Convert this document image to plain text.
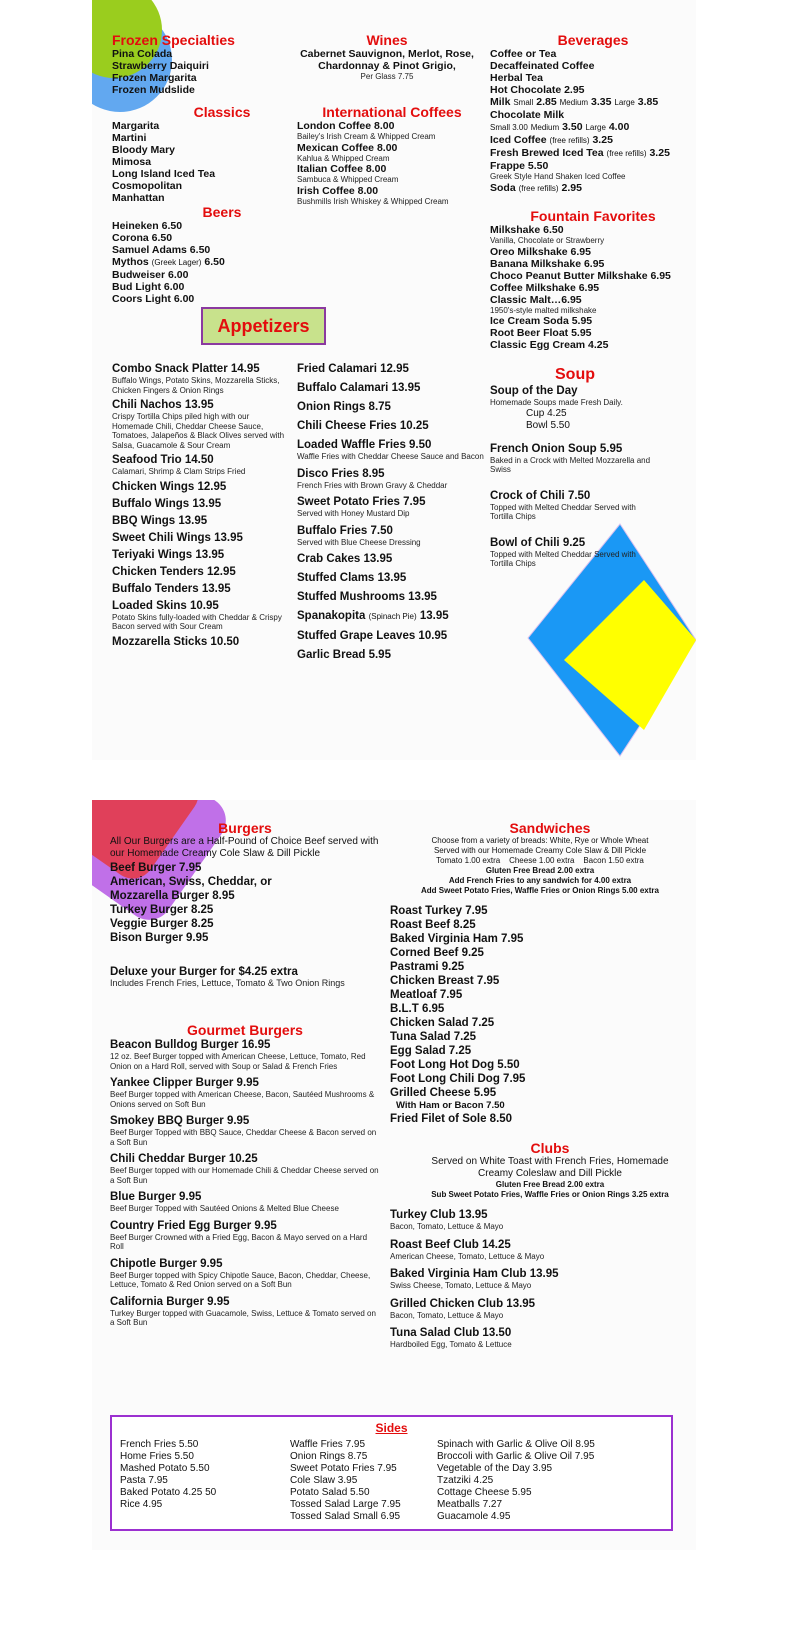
Frozen Specialties
Pina Colada
Strawberry Daiquiri
Frozen Margarita
Frozen Mudslide
Classics
Margarita
Martini
Bloody Mary
Mimosa
Long Island Iced Tea
Cosmopolitan
Manhattan
Beers
Heineken 6.50
Corona 6.50
Samuel Adams 6.50
Mythos (Greek Lager) 6.50
Budweiser 6.00
Bud Light 6.00
Coors Light 6.00
Wines
Cabernet Sauvignon, Merlot, Rose,
Chardonnay & Pinot Grigio,
Per Glass 7.75
International Coffees
London Coffee 8.00
Bailey's Irish Cream & Whipped Cream
Mexican Coffee 8.00
Kahlua & Whipped Cream
Italian Coffee 8.00
Sambuca & Whipped Cream
Irish Coffee 8.00
Bushmills Irish Whiskey & Whipped Cream
Beverages
Coffee or Tea
Decaffeinated Coffee
Herbal Tea
Hot Chocolate 2.95
Milk Small 2.85 Medium 3.35 Large 3.85
Chocolate Milk
Small 3.00 Medium 3.50 Large 4.00
Iced Coffee (free refills) 3.25
Fresh Brewed Iced Tea (free refills) 3.25
Frappe 5.50
Greek Style Hand Shaken Iced Coffee
Soda (free refills) 2.95
Fountain Favorites
Milkshake 6.50
Vanilla, Chocolate or Strawberry
Oreo Milkshake 6.95
Banana Milkshake 6.95
Choco Peanut Butter Milkshake 6.95
Coffee Milkshake 6.95
Classic Malt…6.95
1950's-style malted milkshake
Ice Cream Soda 5.95
Root Beer Float 5.95
Classic Egg Cream 4.25
Appetizers
Combo Snack Platter 14.95
Buffalo Wings, Potato Skins, Mozzarella Sticks, Chicken Fingers & Onion Rings
Chili Nachos 13.95
Crispy Tortilla Chips piled high with our Homemade Chili, Cheddar Cheese Sauce, Tomatoes, Jalapeños & Black Olives served with Salsa, Guacamole & Sour Cream
Seafood Trio 14.50
Calamari, Shrimp & Clam Strips Fried
Chicken Wings 12.95
Buffalo Wings 13.95
BBQ Wings 13.95
Sweet Chili Wings 13.95
Teriyaki Wings 13.95
Chicken Tenders 12.95
Buffalo Tenders 13.95
Loaded Skins 10.95
Potato Skins fully-loaded with Cheddar & Crispy Bacon served with Sour Cream
Mozzarella Sticks 10.50
Fried Calamari 12.95
Buffalo Calamari 13.95
Onion Rings 8.75
Chili Cheese Fries 10.25
Loaded Waffle Fries 9.50
Waffle Fries with Cheddar Cheese Sauce and Bacon
Disco Fries 8.95
French Fries with Brown Gravy & Cheddar
Sweet Potato Fries 7.95
Served with Honey Mustard Dip
Buffalo Fries 7.50
Served with Blue Cheese Dressing
Crab Cakes 13.95
Stuffed Clams 13.95
Stuffed Mushrooms 13.95
Spanakopita (Spinach Pie) 13.95
Stuffed Grape Leaves 10.95
Garlic Bread 5.95
Soup
Soup of the Day
Homemade Soups made Fresh Daily.
Cup 4.25
Bowl 5.50
French Onion Soup 5.95
Baked in a Crock with Melted Mozzarella and Swiss
Crock of Chili 7.50
Topped with Melted Cheddar Served with Tortilla Chips
Bowl of Chili 9.25
Topped with Melted Cheddar Served with Tortilla Chips
Burgers
All Our Burgers are a Half-Pound of Choice Beef served with our Homemade Creamy Cole Slaw & Dill Pickle
Beef Burger 7.95
American, Swiss, Cheddar, or
Mozzarella Burger 8.95
Turkey Burger 8.25
Veggie Burger 8.25
Bison Burger 9.95
Deluxe your Burger for $4.25 extra
Includes French Fries, Lettuce, Tomato & Two Onion Rings
Gourmet Burgers
Beacon Bulldog Burger 16.95
12 oz. Beef Burger topped with American Cheese, Lettuce, Tomato, Red Onion on a Hard Roll, served with Soup or Salad & French Fries
Yankee Clipper Burger 9.95
Beef Burger topped with American Cheese, Bacon, Sautéed Mushrooms & Onions served on Soft Bun
Smokey BBQ Burger 9.95
Beef Burger Topped with BBQ Sauce, Cheddar Cheese & Bacon served on a Soft Bun
Chili Cheddar Burger 10.25
Beef Burger topped with our Homemade Chili & Cheddar Cheese served on a Soft Bun
Blue Burger 9.95
Beef Burger Topped with Sautéed Onions & Melted Blue Cheese
Country Fried Egg Burger 9.95
Beef Burger Crowned with a Fried Egg, Bacon & Mayo served on a Hard Roll
Chipotle Burger 9.95
Beef Burger topped with Spicy Chipotle Sauce, Bacon, Cheddar, Cheese, Lettuce, Tomato & Red Onion served on a Soft Bun
California Burger 9.95
Turkey Burger topped with Guacamole, Swiss, Lettuce & Tomato served on a Soft Bun
Sandwiches
Choose from a variety of breads: White, Rye or Whole Wheat
Served with our Homemade Creamy Cole Slaw & Dill Pickle
Tomato 1.00 extra    Cheese 1.00 extra    Bacon 1.50 extra
Gluten Free Bread 2.00 extra
Add French Fries to any sandwich for 4.00 extra
Add Sweet Potato Fries, Waffle Fries or Onion Rings 5.00 extra
Roast Turkey 7.95
Roast Beef 8.25
Baked Virginia Ham 7.95
Corned Beef 9.25
Pastrami 9.25
Chicken Breast 7.95
Meatloaf 7.95
B.L.T 6.95
Chicken Salad 7.25
Tuna Salad 7.25
Egg Salad 7.25
Foot Long Hot Dog 5.50
Foot Long Chili Dog 7.95
Grilled Cheese 5.95
With Ham or Bacon 7.50
Fried Filet of Sole 8.50
Clubs
Served on White Toast with French Fries, Homemade
Creamy Coleslaw and Dill Pickle
Gluten Free Bread 2.00 extra
Sub Sweet Potato Fries, Waffle Fries or Onion Rings 3.25 extra
Turkey Club 13.95
Bacon, Tomato, Lettuce & Mayo
Roast Beef Club 14.25
American Cheese, Tomato, Lettuce & Mayo
Baked Virginia Ham Club 13.95
Swiss Cheese, Tomato, Lettuce & Mayo
Grilled Chicken Club 13.95
Bacon, Tomato, Lettuce & Mayo
Tuna Salad Club 13.50
Hardboiled Egg, Tomato & Lettuce
Sides
French Fries 5.50
Home Fries 5.50
Mashed Potato 5.50
Pasta 7.95
Baked Potato 4.25 50
Rice 4.95
Waffle Fries 7.95
Onion Rings 8.75
Sweet Potato Fries 7.95
Cole Slaw 3.95
Potato Salad 5.50
Tossed Salad Large 7.95
Tossed Salad Small 6.95
Spinach with Garlic & Olive Oil 8.95
Broccoli with Garlic & Olive Oil 7.95
Vegetable of the Day 3.95
Tzatziki 4.25
Cottage Cheese 5.95
Meatballs 7.27
Guacamole 4.95
